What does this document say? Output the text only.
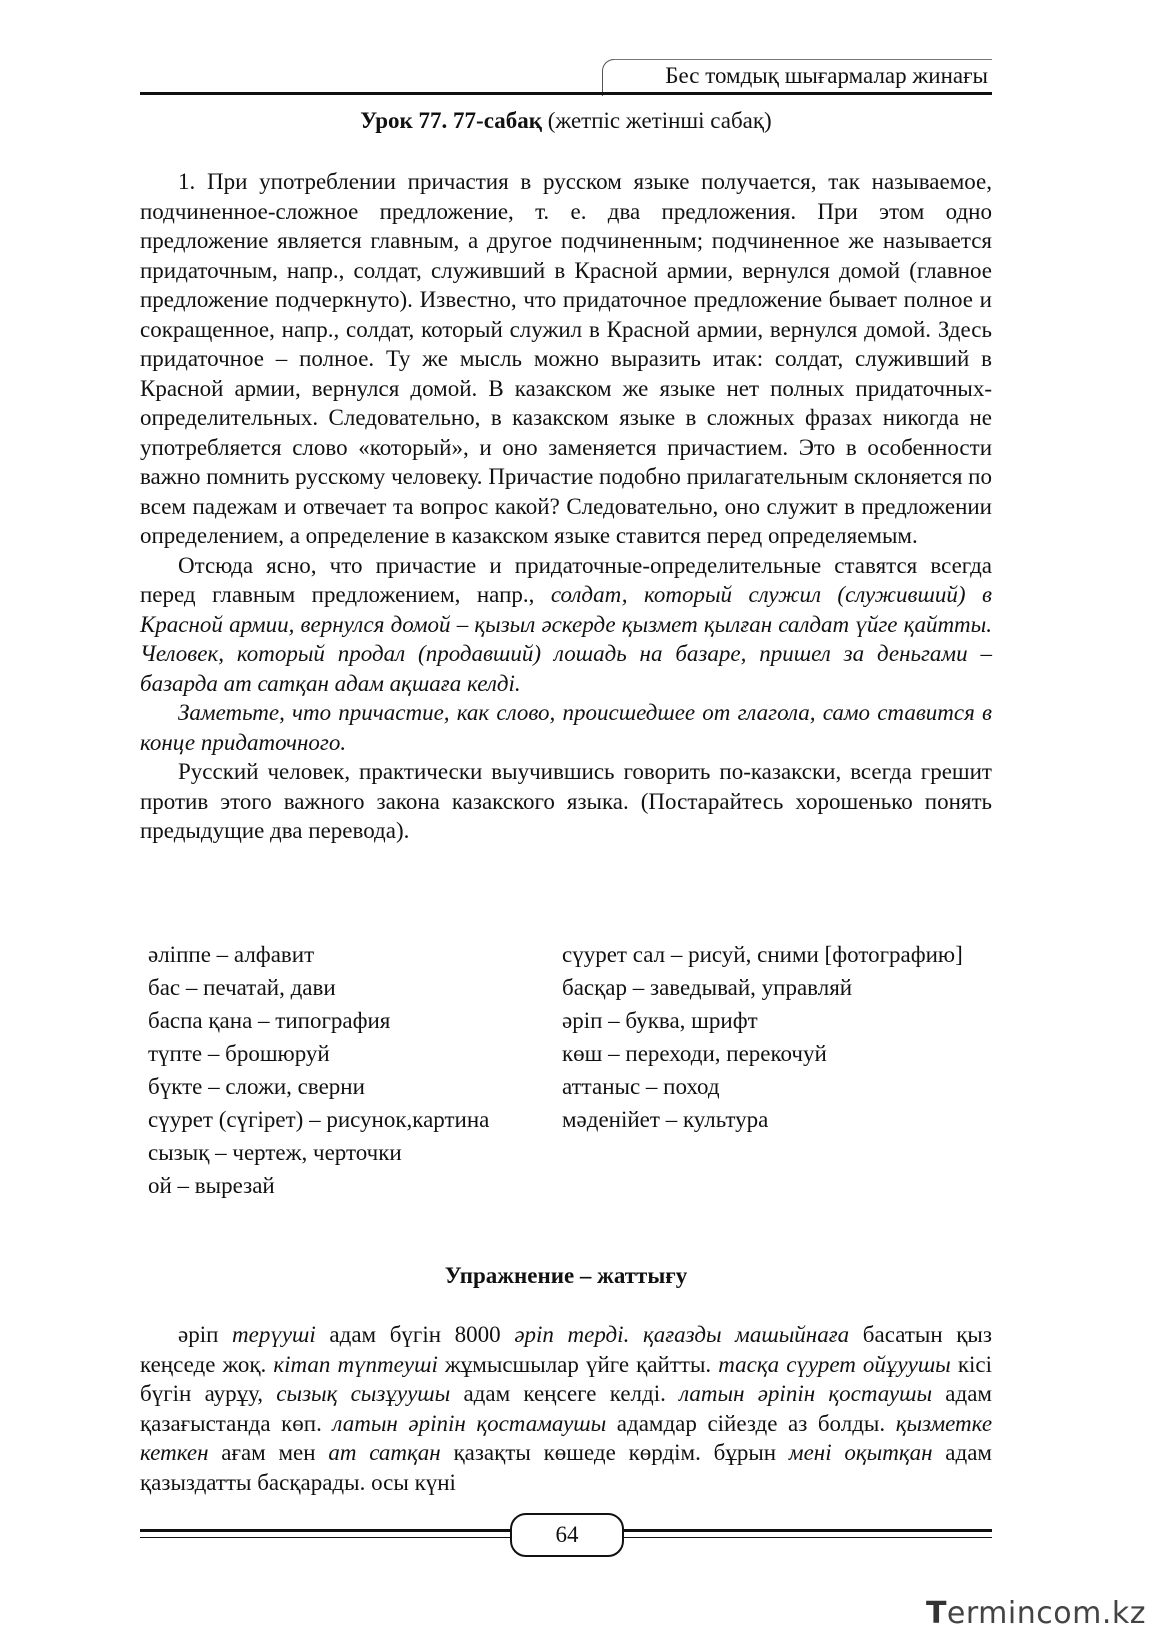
Бес томдық шығармалар жинағы
Урок 77. 77-сабақ (жетпіс жетінші сабақ)

1. При употреблении причастия в русском языке получается, так называемое, подчиненное-сложное предложение, т. е. два предложения. При этом одно предложение является главным, а другое подчиненным; подчиненное же называется придаточным, напр., солдат, служивший в Красной армии, вернулся домой (главное предложение подчеркнуто). Известно, что придаточное предложение бывает полное и сокращенное, напр., солдат, который служил в Красной армии, вернулся домой. Здесь придаточное – полное. Ту же мысль можно выразить итак: солдат, служивший в Красной армии, вернулся домой. В казакском же языке нет полных придаточных-определительных. Следовательно, в казакском языке в сложных фразах никогда не употребляется слово «который», и оно заменяется причастием. Это в особенности важно помнить русскому человеку. Причастие подобно прилагательным склоняется по всем падежам и отвечает та вопрос какой? Следовательно, оно служит в предложении определением, а определение в казакском языке ставится перед определяемым.

Отсюда ясно, что причастие и придаточные-определительные ставятся всегда перед главным предложением, напр., солдат, который служил (служивший) в Красной армии, вернулся домой – қызыл әскерде қызмет қылған салдат үйге қайтты. Человек, который продал (продавший) лошадь на базаре, пришел за деньгами – базарда ат сатқан адам ақшаға келді.

Заметьте, что причастие, как слово, происшедшее от глагола, само ставится в конце придаточного.

Русский человек, практически выучившись говорить по-казакски, всегда грешит против этого важного закона казакского языка. (Постарайтесь хорошенько понять предыдущие два перевода).

әліппе – алфавит	сүурет сал – рисуй, сними [фотографию]
бас – печатай, дави	басқар – заведывай, управляй
баспа қана – типография	әріп – буква, шрифт
түпте – брошюруй	көш – переходи, перекочуй
бүкте – сложи, сверни	аттаныс – поход
сүурет (сүгірет) – рисунок,картина	мәденійет – культура
сызық – чертеж, черточки
ой – вырезай
Упражнение – жаттығу

әріп терүуші адам бүгін 8000 әріп терді. қағазды машыйнаға басатын қыз кеңседе жоқ. кітап түптеуші жұмысшылар үйге қайтты. тасқа сүурет ойұуушы кісі бүгін аурұу, сызық сызұуушы адам кеңсеге келді. латын әріпін қостаушы адам қазағыстанда көп. латын әріпін қостамаушы адамдар сійезде аз болды. қызметке кеткен ағам мен ат сатқан қазақты көшеде көрдім. бұрын мені оқытқан адам қазыздатты басқарады. осы күні

64
Termincom.kz
